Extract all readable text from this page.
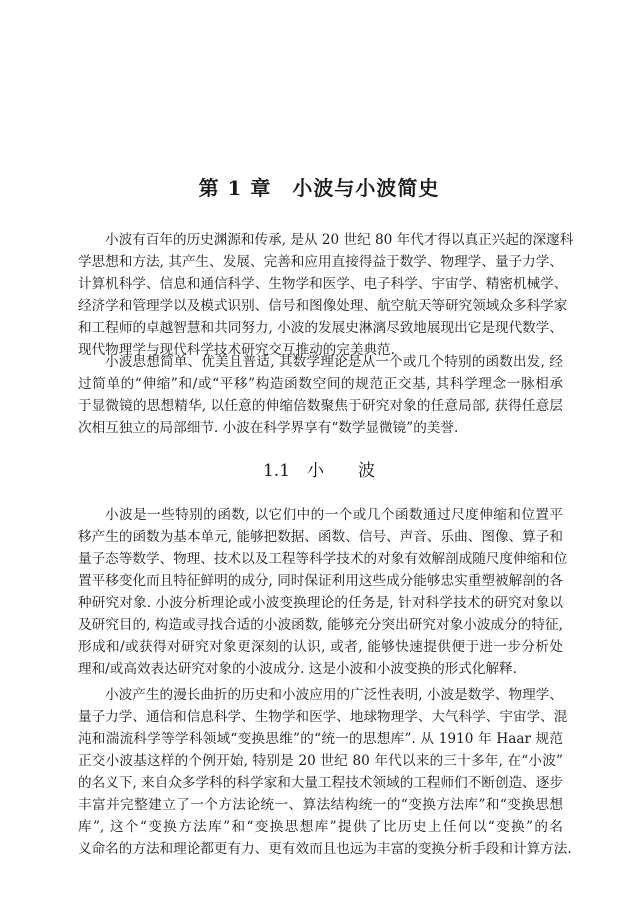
第 1 章　小波与小波简史
1.1　小　　波
小波有百年的历史渊源和传承, 是从 20 世纪 80 年代才得以真正兴起的深邃科
学思想和方法, 其产生、发展、完善和应用直接得益于数学、物理学、量子力学、
计算机科学、信息和通信科学、生物学和医学、电子科学、宇宙学、精密机械学、
经济学和管理学以及模式识别、信号和图像处理、航空航天等研究领域众多科学家
和工程师的卓越智慧和共同努力, 小波的发展史淋漓尽致地展现出它是现代数学、
现代物理学与现代科学技术研究交互推动的完美典范.
小波思想简单、优美且普适, 其数学理论是从一个或几个特别的函数出发, 经
过简单的“伸缩”和/或“平移”构造函数空间的规范正交基, 其科学理念一脉相承
于显微镜的思想精华, 以任意的伸缩倍数聚焦于研究对象的任意局部, 获得任意层
次相互独立的局部细节. 小波在科学界享有“数学显微镜”的美誉.
小波是一些特别的函数, 以它们中的一个或几个函数通过尺度伸缩和位置平
移产生的函数为基本单元, 能够把数据、函数、信号、声音、乐曲、图像、算子和
量子态等数学、物理、技术以及工程等科学技术的对象有效解剖成随尺度伸缩和位
置平移变化而且特征鲜明的成分, 同时保证利用这些成分能够忠实重塑被解剖的各
种研究对象. 小波分析理论或小波变换理论的任务是, 针对科学技术的研究对象以
及研究目的, 构造或寻找合适的小波函数, 能够充分突出研究对象小波成分的特征,
形成和/或获得对研究对象更深刻的认识, 或者, 能够快速提供便于进一步分析处
理和/或高效表达研究对象的小波成分. 这是小波和小波变换的形式化解释.
小波产生的漫长曲折的历史和小波应用的广泛性表明, 小波是数学、物理学、
量子力学、通信和信息科学、生物学和医学、地球物理学、大气科学、宇宙学、混
沌和湍流科学等学科领域“变换思维”的“统一的思想库”. 从 1910 年 Haar 规范
正交小波基这样的个例开始, 特别是 20 世纪 80 年代以来的三十多年, 在“小波”
的名义下, 来自众多学科的科学家和大量工程技术领域的工程师们不断创造、逐步
丰富并完整建立了一个方法论统一、算法结构统一的“变换方法库”和“变换思想
库”, 这个“变换方法库”和“变换思想库”提供了比历史上任何以“变换”的名
义命名的方法和理论都更有力、更有效而且也远为丰富的变换分析手段和计算方法.
